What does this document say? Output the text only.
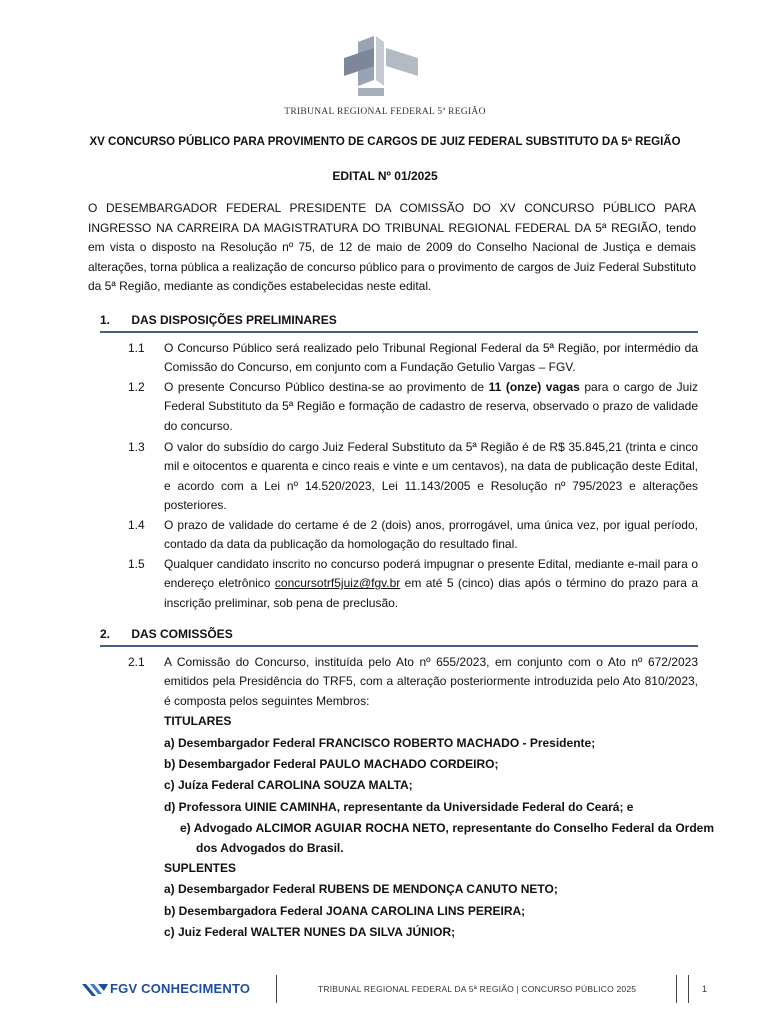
TRIBUNAL REGIONAL FEDERAL 5ª REGIÃO
XV CONCURSO PÚBLICO PARA PROVIMENTO DE CARGOS DE JUIZ FEDERAL SUBSTITUTO DA 5ª REGIÃO
EDITAL Nº 01/2025
O DESEMBARGADOR FEDERAL PRESIDENTE DA COMISSÃO DO XV CONCURSO PÚBLICO PARA INGRESSO NA CARREIRA DA MAGISTRATURA DO TRIBUNAL REGIONAL FEDERAL DA 5ª REGIÃO, tendo em vista o disposto na Resolução nº 75, de 12 de maio de 2009 do Conselho Nacional de Justiça e demais alterações, torna pública a realização de concurso público para o provimento de cargos de Juiz Federal Substituto da 5ª Região, mediante as condições estabelecidas neste edital.
1. DAS DISPOSIÇÕES PRELIMINARES
1.1	O Concurso Público será realizado pelo Tribunal Regional Federal da 5ª Região, por intermédio da Comissão do Concurso, em conjunto com a Fundação Getulio Vargas – FGV.
1.2	O presente Concurso Público destina-se ao provimento de 11 (onze) vagas para o cargo de Juiz Federal Substituto da 5ª Região e formação de cadastro de reserva, observado o prazo de validade do concurso.
1.3	O valor do subsídio do cargo Juiz Federal Substituto da 5ª Região é de R$ 35.845,21 (trinta e cinco mil e oitocentos e quarenta e cinco reais e vinte e um centavos), na data de publicação deste Edital, e acordo com a Lei nº 14.520/2023, Lei 11.143/2005 e Resolução nº 795/2023 e alterações posteriores.
1.4	O prazo de validade do certame é de 2 (dois) anos, prorrogável, uma única vez, por igual período, contado da data da publicação da homologação do resultado final.
1.5	Qualquer candidato inscrito no concurso poderá impugnar o presente Edital, mediante e-mail para o endereço eletrônico concursotrf5juiz@fgv.br em até 5 (cinco) dias após o término do prazo para a inscrição preliminar, sob pena de preclusão.
2. DAS COMISSÕES
2.1	A Comissão do Concurso, instituída pelo Ato nº 655/2023, em conjunto com o Ato nº 672/2023 emitidos pela Presidência do TRF5, com a alteração posteriormente introduzida pelo Ato 810/2023, é composta pelos seguintes Membros:
TITULARES
a) Desembargador Federal FRANCISCO ROBERTO MACHADO - Presidente;
b) Desembargador Federal PAULO MACHADO CORDEIRO;
c) Juíza Federal CAROLINA SOUZA MALTA;
d) Professora UINIE CAMINHA, representante da Universidade Federal do Ceará; e
e) Advogado ALCIMOR AGUIAR ROCHA NETO, representante do Conselho Federal da Ordem dos Advogados do Brasil.
SUPLENTES
a) Desembargador Federal RUBENS DE MENDONÇA CANUTO NETO;
b) Desembargadora Federal JOANA CAROLINA LINS PEREIRA;
c) Juiz Federal WALTER NUNES DA SILVA JÚNIOR;
FGV CONHECIMENTO	TRIBUNAL REGIONAL FEDERAL DA 5ª REGIÃO | CONCURSO PÚBLICO 2025	1
